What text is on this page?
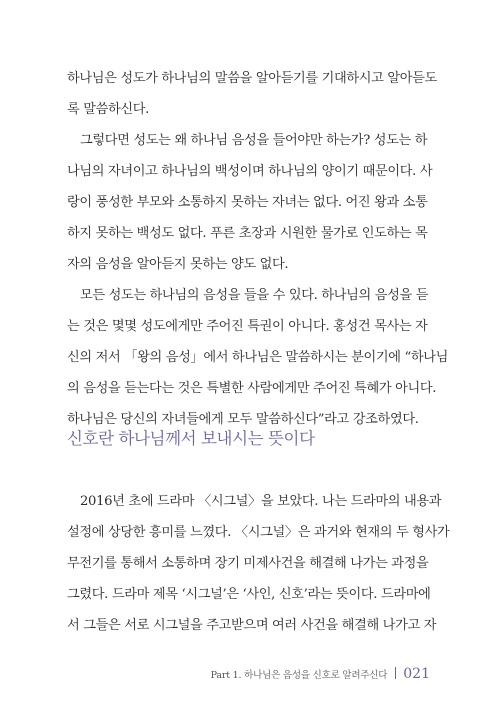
하나님은 성도가 하나님의 말씀을 알아듣기를 기대하시고 알아듣도
록 말씀하신다.
그렇다면 성도는 왜 하나님 음성을 들어야만 하는가? 성도는 하
나님의 자녀이고 하나님의 백성이며 하나님의 양이기 때문이다. 사
랑이 풍성한 부모와 소통하지 못하는 자녀는 없다. 어진 왕과 소통
하지 못하는 백성도 없다. 푸른 초장과 시원한 물가로 인도하는 목
자의 음성을 알아듣지 못하는 양도 없다.
모든 성도는 하나님의 음성을 들을 수 있다. 하나님의 음성을 듣
는 것은 몇몇 성도에게만 주어진 특권이 아니다. 홍성건 목사는 자
신의 저서 「왕의 음성」에서 하나님은 말씀하시는 분이기에 “하나님
의 음성을 듣는다는 것은 특별한 사람에게만 주어진 특혜가 아니다.
하나님은 당신의 자녀들에게 모두 말씀하신다”라고 강조하였다.
신호란 하나님께서 보내시는 뜻이다
2016년 초에 드라마 〈시그널〉을 보았다. 나는 드라마의 내용과
설정에 상당한 흥미를 느꼈다. 〈시그널〉은 과거와 현재의 두 형사가
무전기를 통해서 소통하며 장기 미제사건을 해결해 나가는 과정을
그렸다. 드라마 제목 ‘시그널’은 ‘사인, 신호’라는 뜻이다. 드라마에
서 그들은 서로 시그널을 주고받으며 여러 사건을 해결해 나가고 자
Part 1. 하나님은 음성을 신호로 알려주신다 021
